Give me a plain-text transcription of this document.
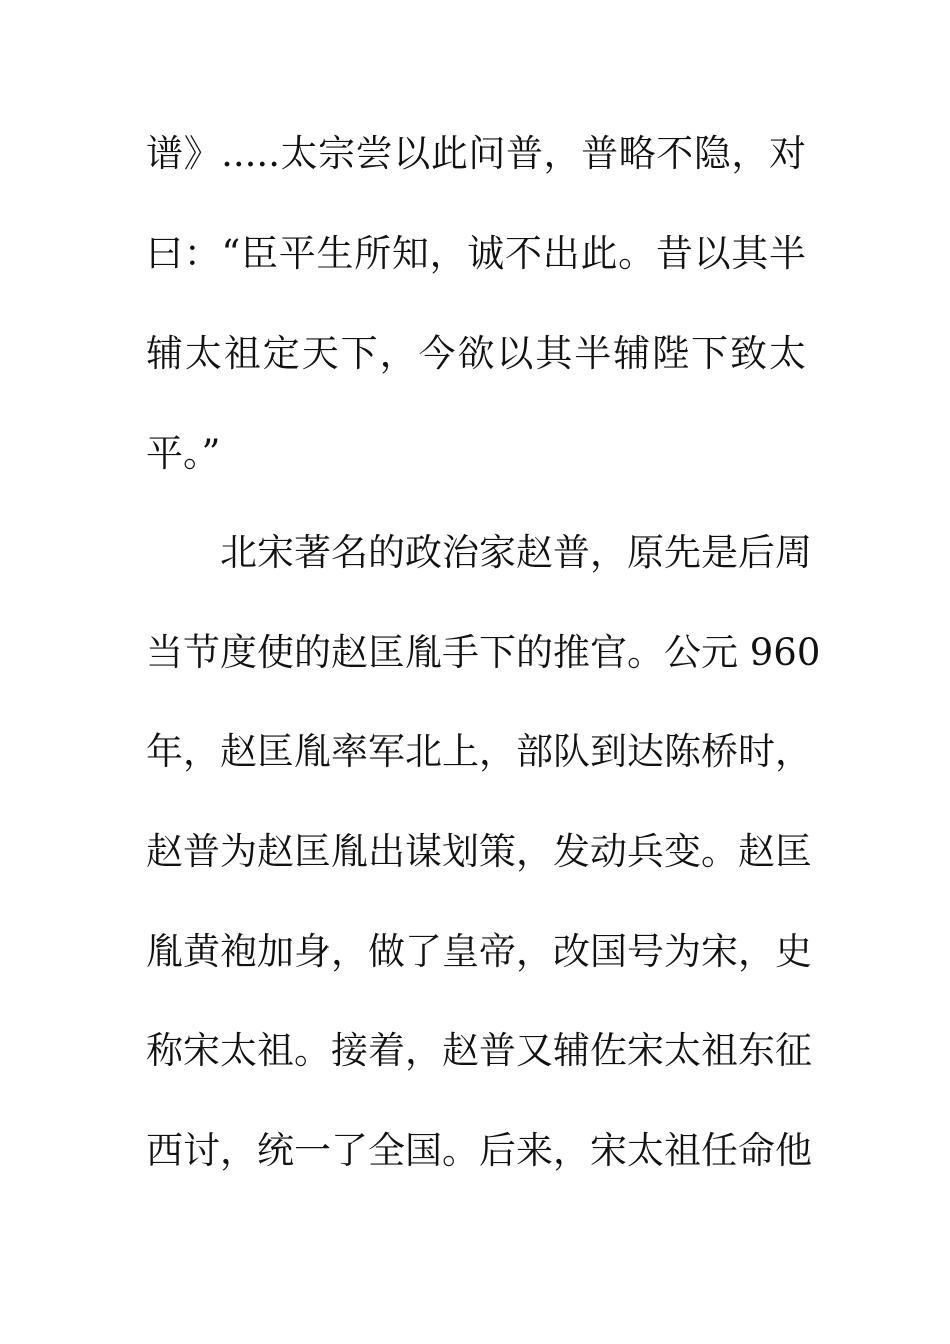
谱》.....太宗尝以此问普，普略不隐，对
曰：“臣平生所知，诚不出此。昔以其半
辅太祖定天下，今欲以其半辅陛下致太
平。”
北宋著名的政治家赵普，原先是后周
当节度使的赵匡胤手下的推官。公元 960
年，赵匡胤率军北上，部队到达陈桥时，
赵普为赵匡胤出谋划策，发动兵变。赵匡
胤黄袍加身，做了皇帝，改国号为宋，史
称宋太祖。接着，赵普又辅佐宋太祖东征
西讨，统一了全国。后来，宋太祖任命他
